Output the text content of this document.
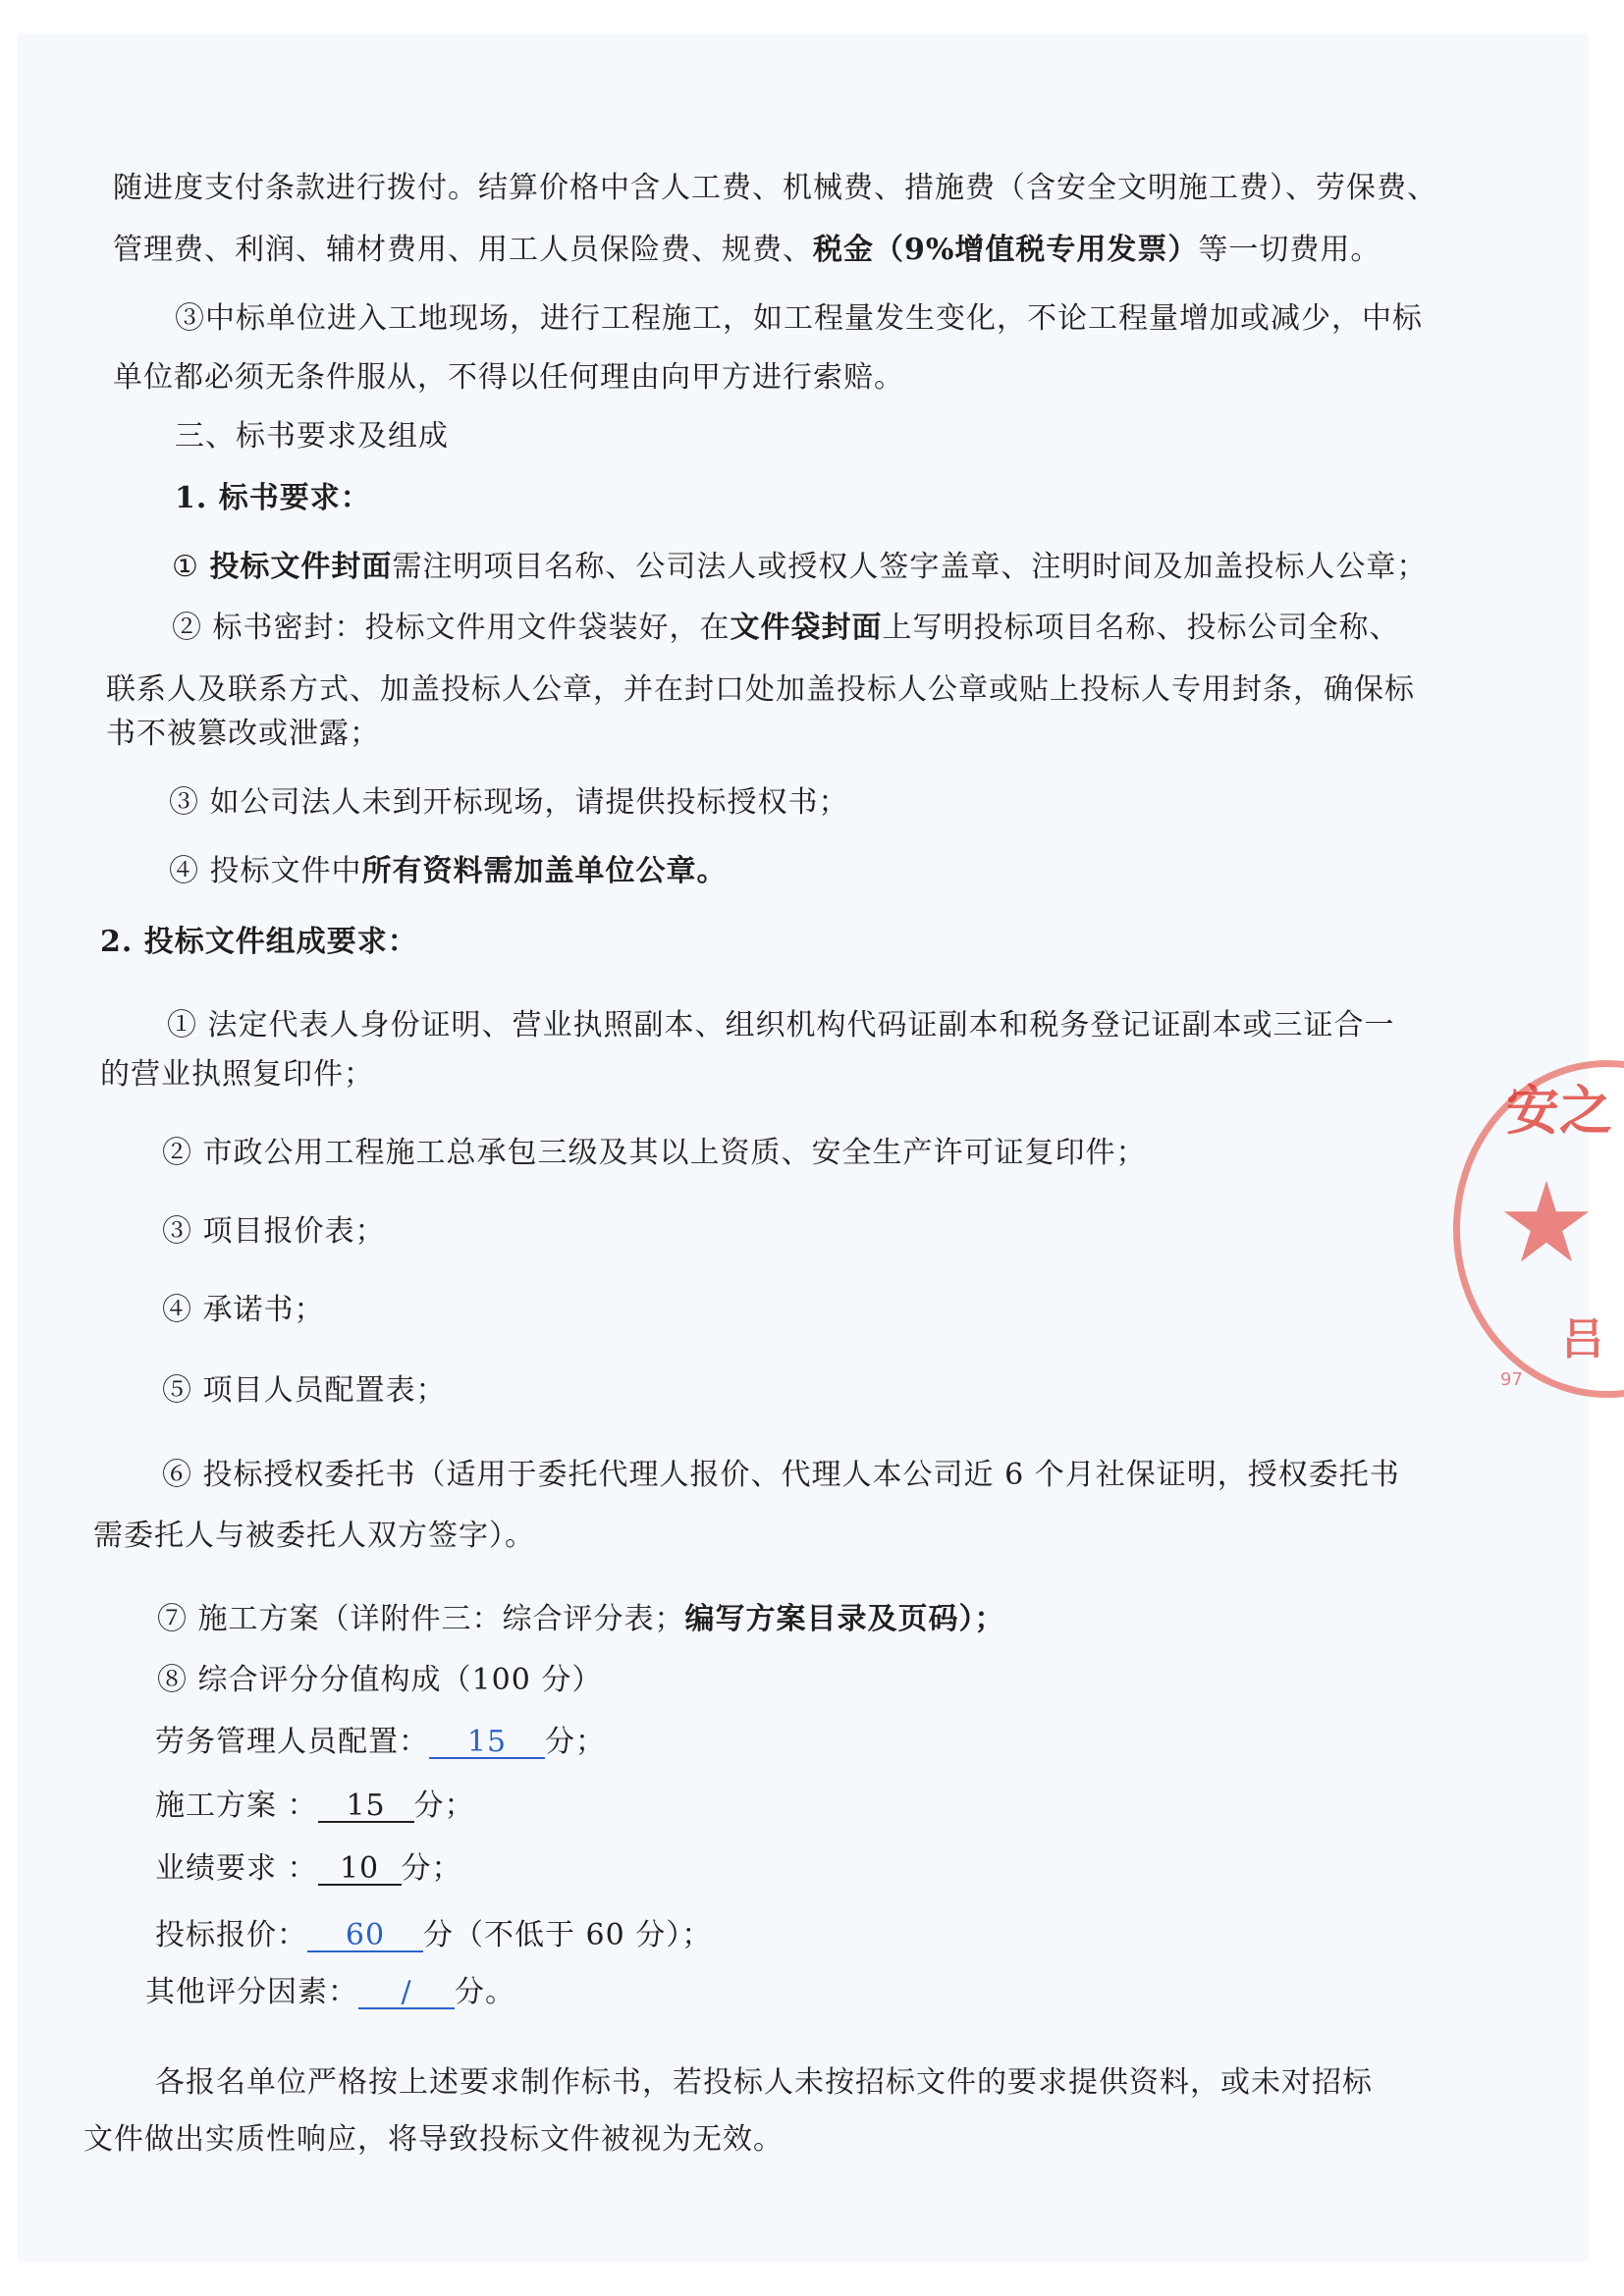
随进度支付条款进行拨付。结算价格中含人工费、机械费、措施费（含安全文明施工费）、劳保费、
管理费、利润、辅材费用、用工人员保险费、规费、税金（9%增值税专用发票）等一切费用。
③中标单位进入工地现场，进行工程施工，如工程量发生变化，不论工程量增加或减少，中标
单位都必须无条件服从，不得以任何理由向甲方进行索赔。
三、标书要求及组成
1. 标书要求：
① 投标文件封面需注明项目名称、公司法人或授权人签字盖章、注明时间及加盖投标人公章；
② 标书密封：投标文件用文件袋装好，在文件袋封面上写明投标项目名称、投标公司全称、
联系人及联系方式、加盖投标人公章，并在封口处加盖投标人公章或贴上投标人专用封条，确保标
书不被篡改或泄露；
③ 如公司法人未到开标现场，请提供投标授权书；
④ 投标文件中所有资料需加盖单位公章。
2. 投标文件组成要求：
① 法定代表人身份证明、营业执照副本、组织机构代码证副本和税务登记证副本或三证合一
的营业执照复印件；
② 市政公用工程施工总承包三级及其以上资质、安全生产许可证复印件；
③ 项目报价表；
④ 承诺书；
⑤ 项目人员配置表；
⑥ 投标授权委托书（适用于委托代理人报价、代理人本公司近 6 个月社保证明，授权委托书
需委托人与被委托人双方签字）。
⑦ 施工方案（详附件三：综合评分表；编写方案目录及页码）；
⑧ 综合评分分值构成（100 分）
劳务管理人员配置： 15 分；
施工方案 ： 15 分；
业绩要求 ： 10 分；
投标报价： 60 分（不低于 60 分）；
其他评分因素： / 分。
各报名单位严格按上述要求制作标书，若投标人未按招标文件的要求提供资料，或未对招标
文件做出实质性响应，将导致投标文件被视为无效。
安之
吕
97
